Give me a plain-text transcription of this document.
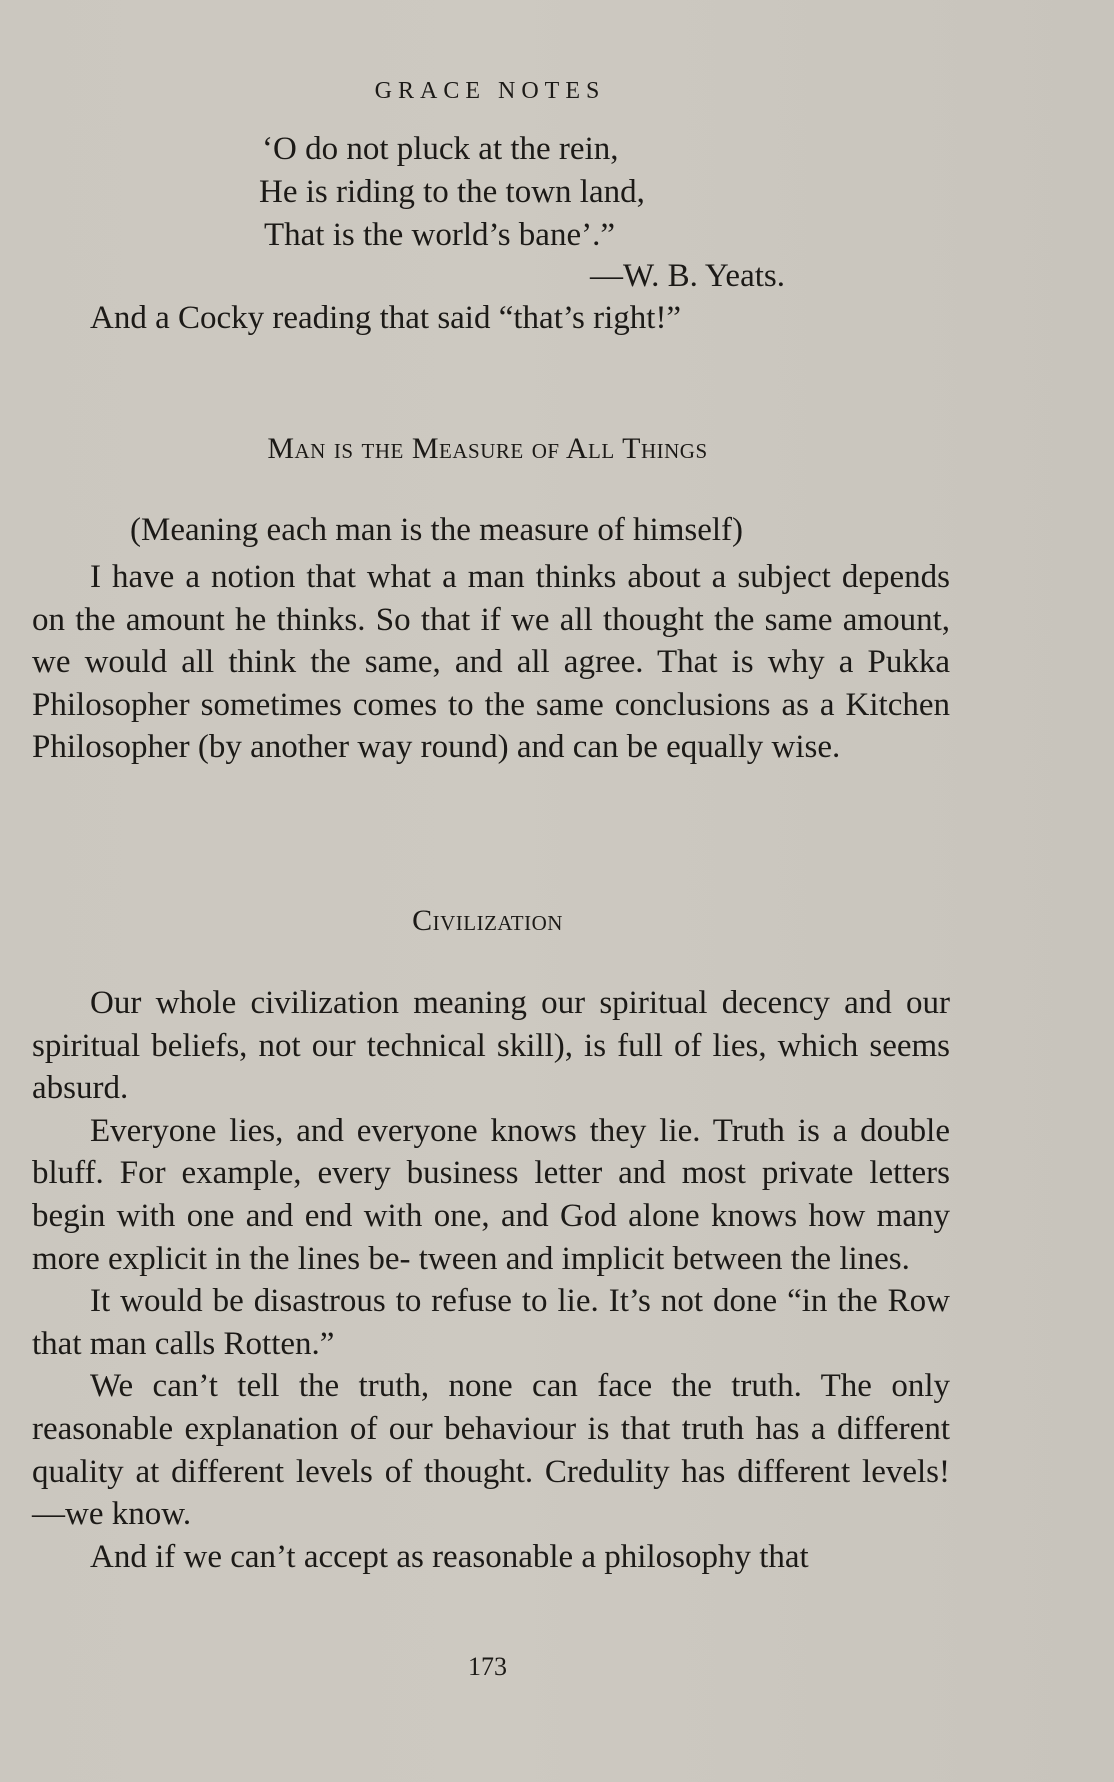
GRACE NOTES
‘O do not pluck at the rein,
He is riding to the town land,
That is the world’s bane’.”
—W. B. Yeats.
And a Cocky reading that said “that’s right!”
Man is the Measure of All Things
(Meaning each man is the measure of himself)

I have a notion that what a man thinks about a subject depends on the amount he thinks. So that if we all thought the same amount, we would all think the same, and all agree. That is why a Pukka Philosopher sometimes comes to the same conclusions as a Kitchen Philosopher (by another way round) and can be equally wise.

Civilization

Our whole civilization meaning our spiritual decency and our spiritual beliefs, not our technical skill), is full of lies, which seems absurd.

Everyone lies, and everyone knows they lie. Truth is a double bluff. For example, every business letter and most private letters begin with one and end with one, and God alone knows how many more explicit in the lines be- tween and implicit between the lines.

It would be disastrous to refuse to lie. It’s not done “in the Row that man calls Rotten.”

We can’t tell the truth, none can face the truth. The only reasonable explanation of our behaviour is that truth has a different quality at different levels of thought. Credulity has different levels!—we know.

And if we can’t accept as reasonable a philosophy that

173
